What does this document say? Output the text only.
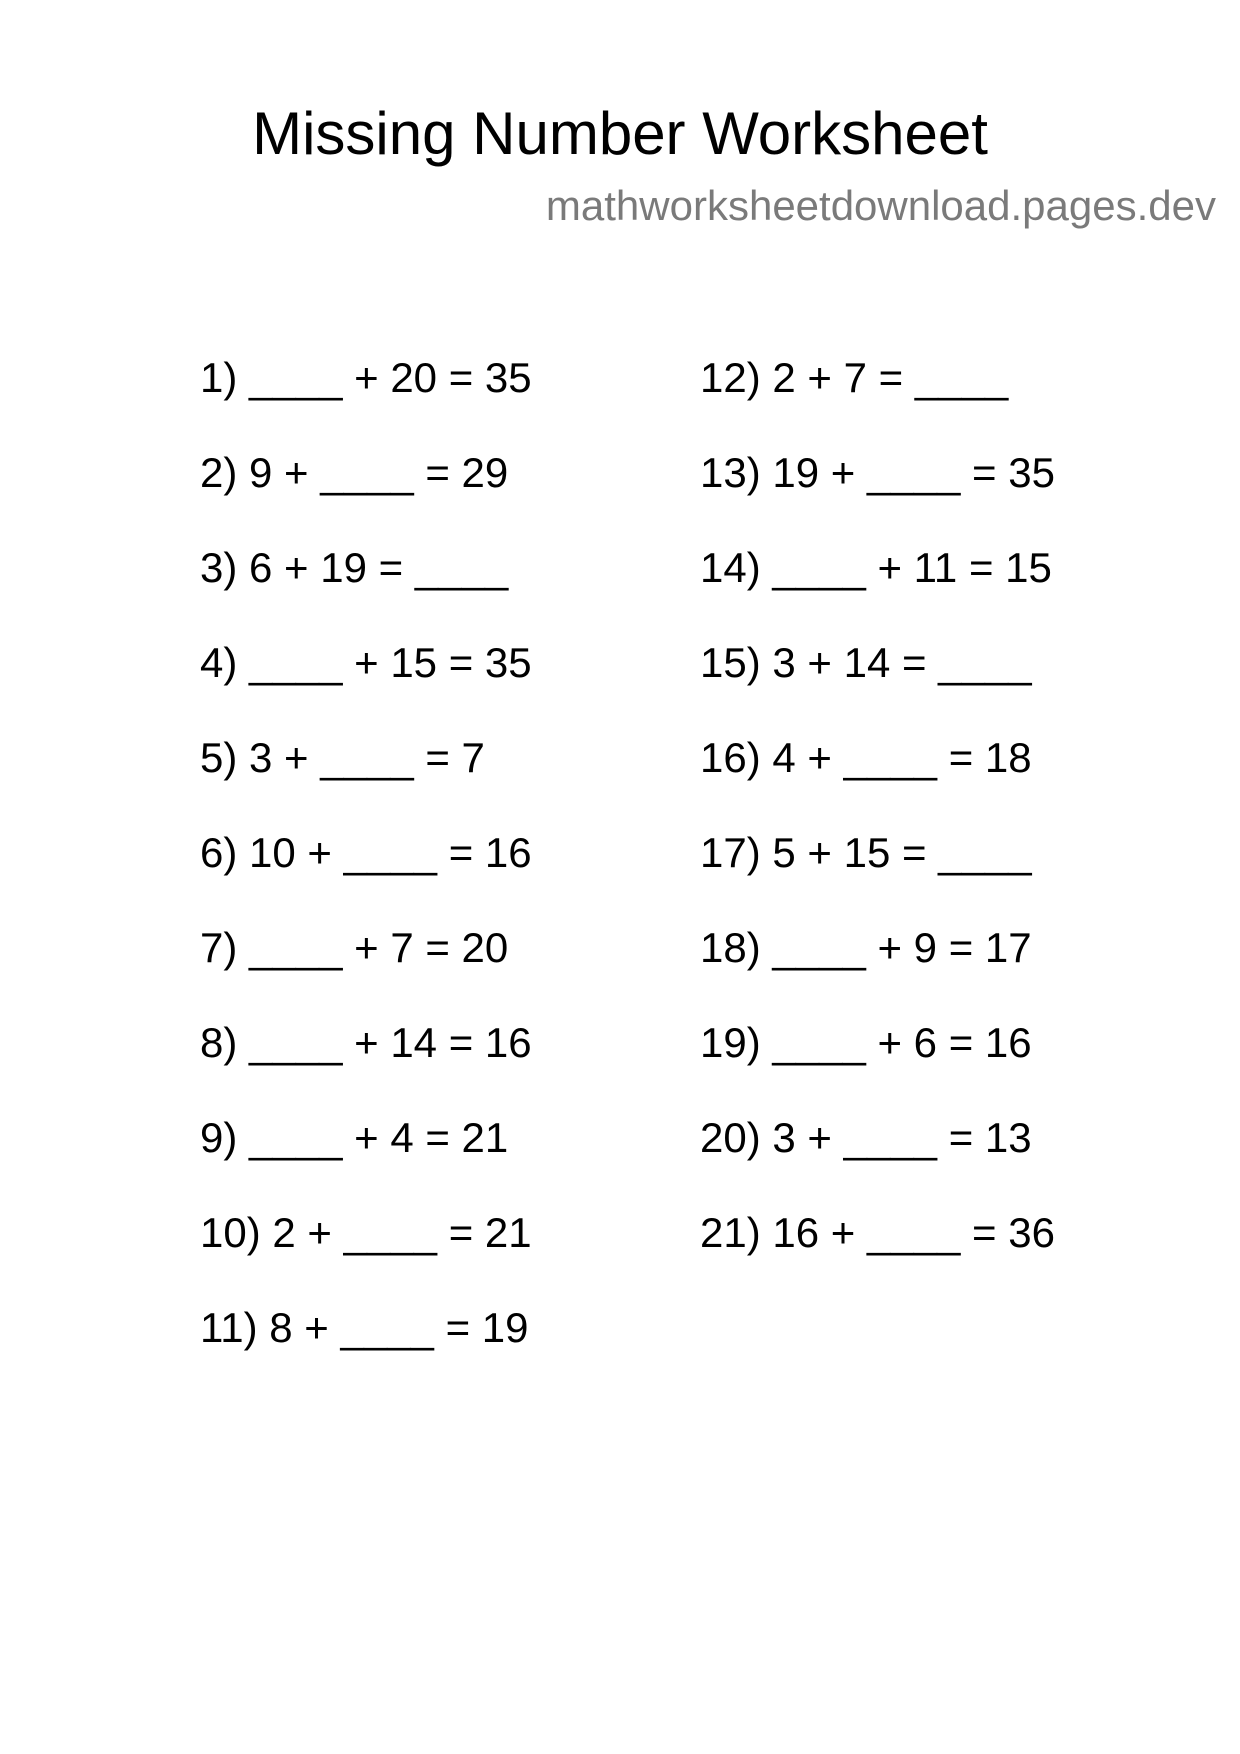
Missing Number Worksheet
mathworksheetdownload.pages.dev
1) ____ + 20 = 35
2) 9 + ____ = 29
3) 6 + 19 = ____
4) ____ + 15 = 35
5) 3 + ____ = 7
6) 10 + ____ = 16
7) ____ + 7 = 20
8) ____ + 14 = 16
9) ____ + 4 = 21
10) 2 + ____ = 21
11) 8 + ____ = 19
12) 2 + 7 = ____
13) 19 + ____ = 35
14) ____ + 11 = 15
15) 3 + 14 = ____
16) 4 + ____ = 18
17) 5 + 15 = ____
18) ____ + 9 = 17
19) ____ + 6 = 16
20) 3 + ____ = 13
21) 16 + ____ = 36
